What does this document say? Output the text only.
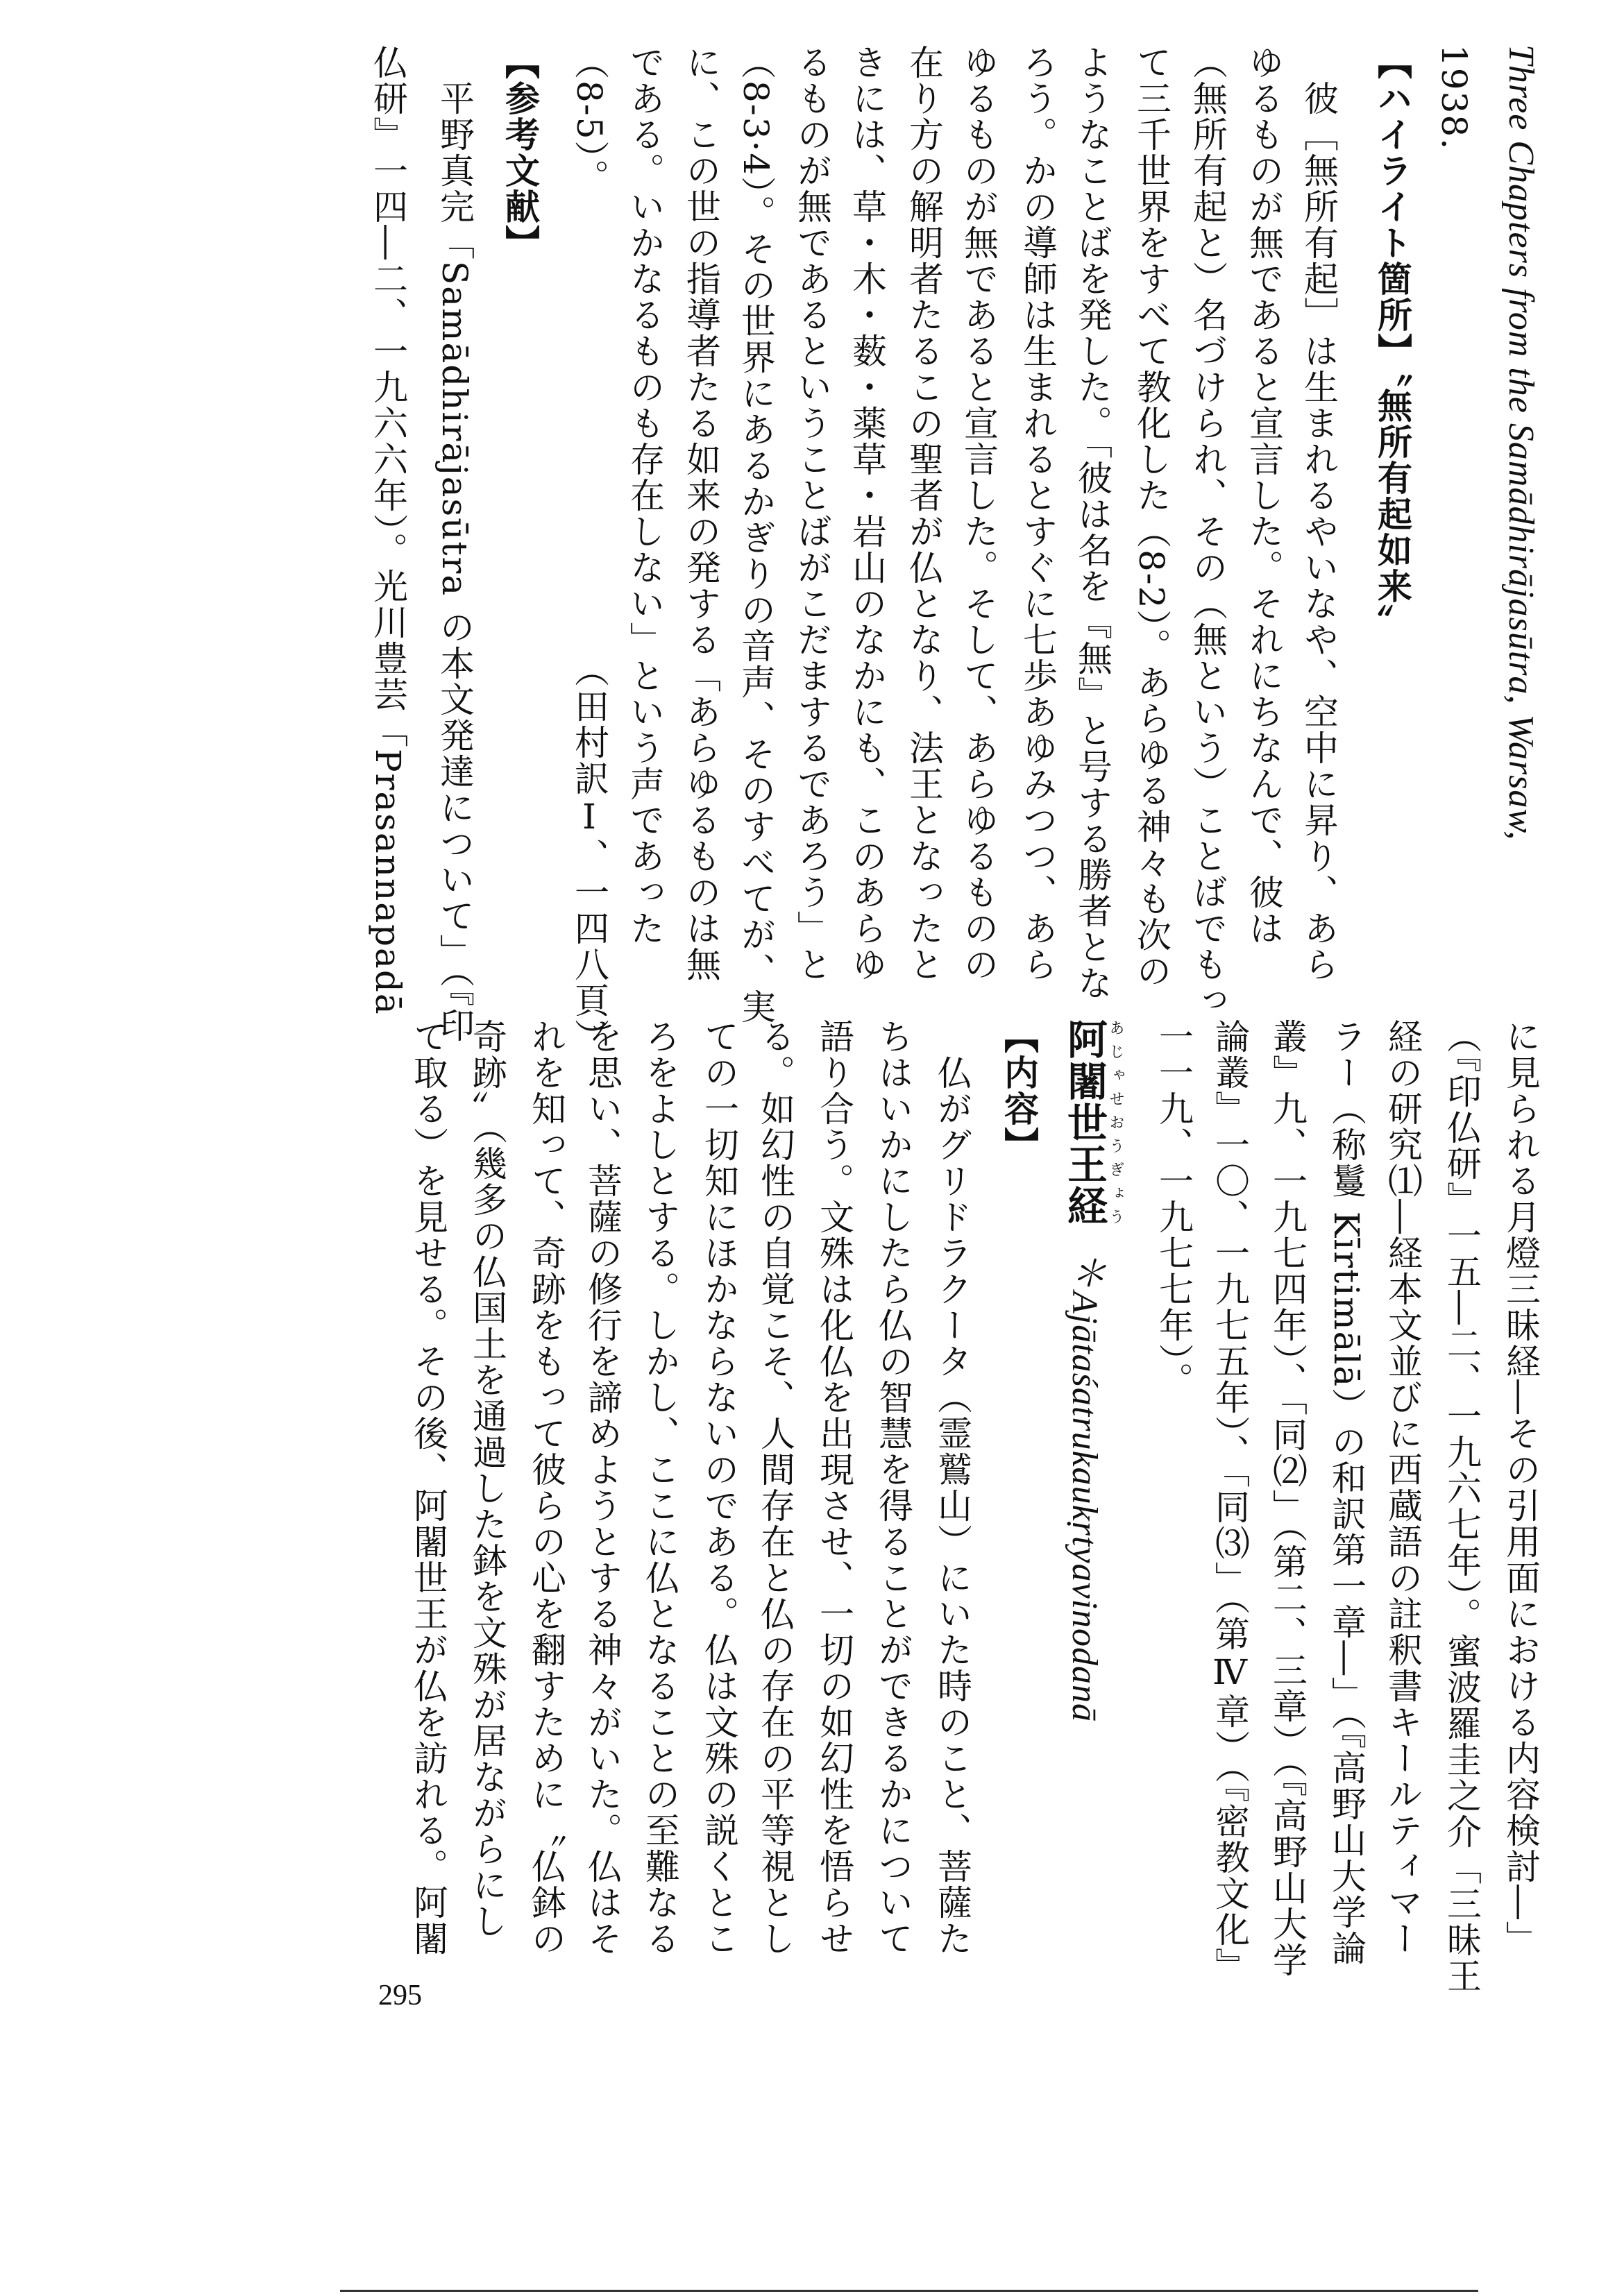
阿闍世王経＊Ajātaśatrukaukṛtyavinodanā
あじゃせおうぎょう
（田村訳Ⅰ、一四八頁）
295
Three Chapters from the Samādhirājasūtra, Warsaw,
1938.
【ハイライト箇所】〝無所有起如来〟
彼［無所有起］は生まれるやいなや、空中に昇り、あら
ゆるものが無であると宣言した。それにちなんで、彼は
（無所有起と）名づけられ、その（無という）ことばでもっ
て三千世界をすべて教化した（8-2）。あらゆる神々も次の
ようなことばを発した。「彼は名を『無』と号する勝者とな
ろう。かの導師は生まれるとすぐに七歩あゆみつつ、あら
ゆるものが無であると宣言した。そして、あらゆるものの
在り方の解明者たるこの聖者が仏となり、法王となったと
きには、草・木・薮・薬草・岩山のなかにも、このあらゆ
るものが無であるということばがこだまするであろう」と
（8-3·4）。その世界にあるかぎりの音声、そのすべてが、実
に、この世の指導者たる如来の発する「あらゆるものは無
である。いかなるものも存在しない」という声であった
（8-5）。
【参考文献】
平野真完「Samādhirājasūtra の本文発達について」（『印
仏研』一四―二、一九六六年）。光川豊芸「Prasannapadā
に見られる月燈三昧経―その引用面における内容検討―」
（『印仏研』一五―二、一九六七年）。蜜波羅圭之介「三昧王
経の研究⑴―経本文並びに西蔵語の註釈書キールティマー
ラー（称鬘 Kīrtimālā）の和訳第一章―」（『高野山大学論
叢』九、一九七四年）、「同⑵」（第二、三章）（『高野山大学
論叢』一〇、一九七五年）、「同⑶」（第Ⅳ章）（『密教文化』
一一九、一九七七年）。
【内容】
仏がグリドラクータ（霊鷲山）にいた時のこと、菩薩た
ちはいかにしたら仏の智慧を得ることができるかについて
語り合う。文殊は化仏を出現させ、一切の如幻性を悟らせ
る。如幻性の自覚こそ、人間存在と仏の存在の平等視とし
ての一切知にほかならないのである。仏は文殊の説くとこ
ろをよしとする。しかし、ここに仏となることの至難なる
を思い、菩薩の修行を諦めようとする神々がいた。仏はそ
れを知って、奇跡をもって彼らの心を翻すために〝仏鉢の
奇跡〟（幾多の仏国土を通過した鉢を文殊が居ながらにし
て取る）を見せる。その後、阿闍世王が仏を訪れる。阿闍
